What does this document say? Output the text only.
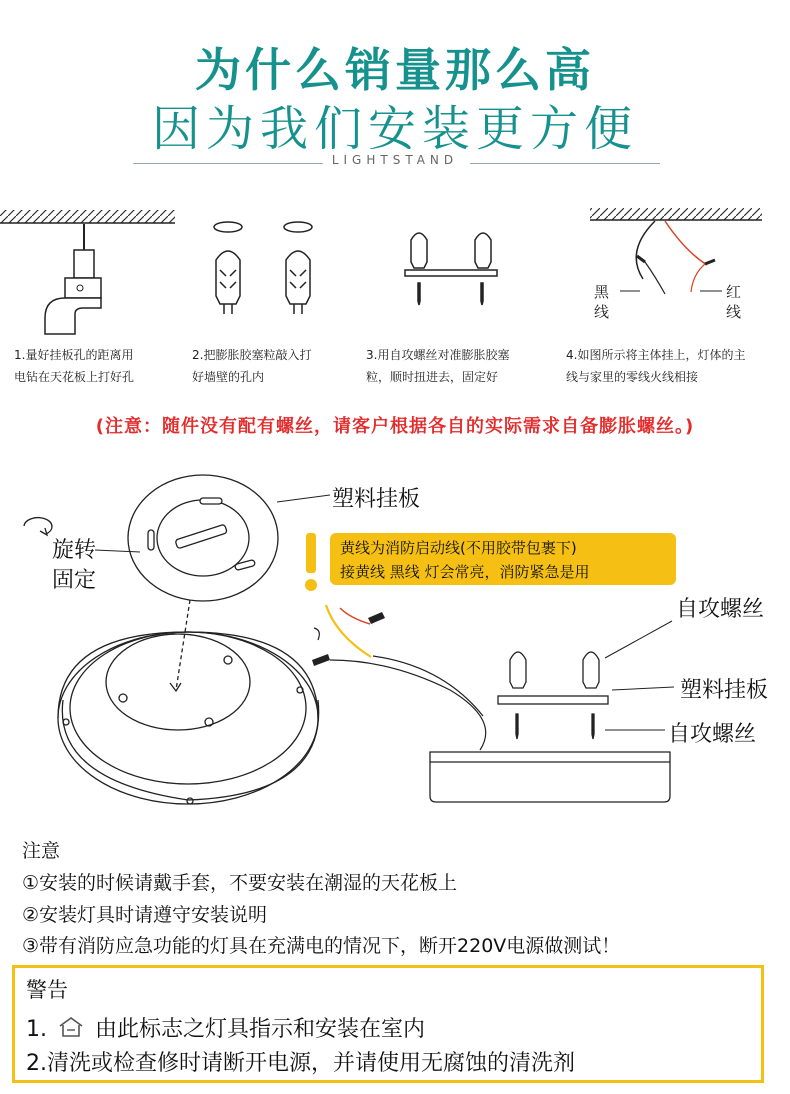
为什么销量那么高
因为我们安装更方便
LIGHTSTAND
1.量好挂板孔的距离用
电钻在天花板上打好孔
2.把膨胀胶塞粒敲入打
好墙壁的孔内
3.用自攻螺丝对准膨胀胶塞
粒，顺时扭进去，固定好
4.如图所示将主体挂上，灯体的主
线与家里的零线火线相接
黑
线
红
线
(注意：随件没有配有螺丝，请客户根据各自的实际需求自备膨胀螺丝。)
塑料挂板
旋转
固定
黄线为消防启动线(不用胶带包裹下)
接黄线 黑线 灯会常亮，消防紧急是用
自攻螺丝
塑料挂板
自攻螺丝
注意
①安装的时候请戴手套，不要安装在潮湿的天花板上
②安装灯具时请遵守安装说明
③带有消防应急功能的灯具在充满电的情况下，断开220V电源做测试！
警告
1. 由此标志之灯具指示和安装在室内
2.清洗或检查修时请断开电源，并请使用无腐蚀的清洗剂
